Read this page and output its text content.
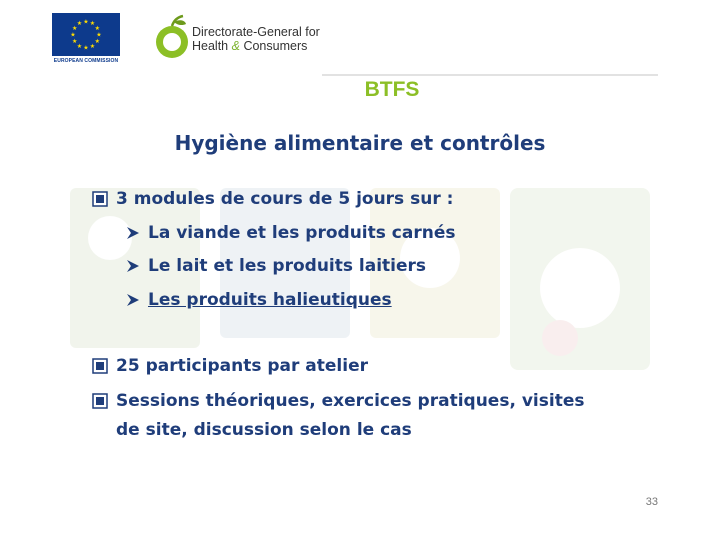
★
★
★
★
★
★
★
★
★ ★ ★
★
EUROPEAN COMMISSION
Directorate-General for
Health & Consumers
BTFS
Hygiène alimentaire et contrôles
3 modules de cours de 5 jours sur :
La viande et les produits carnés
Le lait et les produits laitiers
Les produits halieutiques
25 participants par atelier
Sessions théoriques, exercices pratiques, visites
de site, discussion selon le cas
33
